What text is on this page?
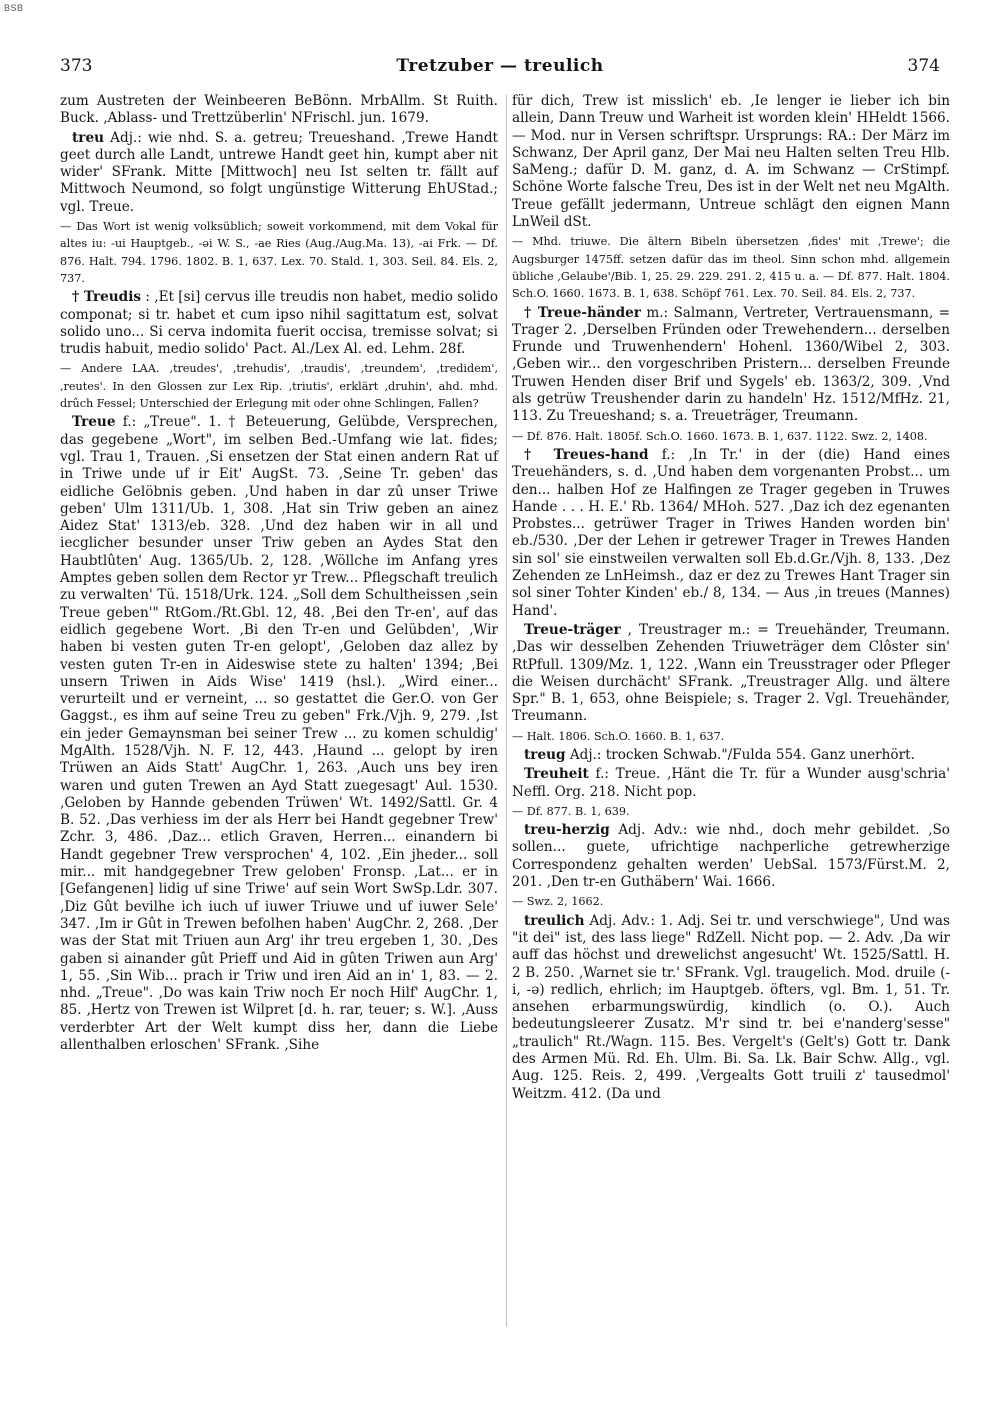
BSB
373	Tretzuber — treulich	374

zum Austreten der Weinbeeren BeBönn. MrbAllm. St Ruith. Buck. ‚Ablass- und Trettzüberlin' NFrischl. jun. 1679.

treu Adj.: wie nhd. S. a. getreu; Treueshand. ‚Trewe Handt geet durch alle Landt, untrewe Handt geet hin, kumpt aber nit wider' SFrank. Mitte [Mittwoch] neu Ist selten tr. fällt auf Mittwoch Neumond, so folgt ungünstige Witterung EhUStad.; vgl. Treue.

— Das Wort ist wenig volksüblich; soweit vorkommend, mit dem Vokal für altes iu: -ui Hauptgeb., -əi W. S., -ae Ries (Aug./Aug.Ma. 13), -ai Frk. — Df. 876. Halt. 794. 1796. 1802. B. 1, 637. Lex. 70. Stald. 1, 303. Seil. 84. Els. 2, 737.

† Treudis : ‚Et [si] cervus ille treudis non habet, medio solido componat; si tr. habet et cum ipso nihil sagittatum est, solvat solido uno... Si cerva indomita fuerit occisa, tremisse solvat; si trudis habuit, medio solido' Pact. Al./Lex Al. ed. Lehm. 28f.

— Andere LAA. ‚treudes', ‚trehudis', ‚traudis', ‚treundem', ‚tredidem', ‚reutes'. In den Glossen zur Lex Rip. ‚triutis', erklärt ‚druhin', ahd. mhd. drûch Fessel; Unterschied der Erlegung mit oder ohne Schlingen, Fallen?

Treue f.: „Treue". 1. † Beteuerung, Gelübde, Versprechen, das gegebene „Wort", im selben Bed.-Umfang wie lat. fides; vgl. Trau 1, Trauen. ‚Si ensetzen der Stat einen andern Rat uf in Triwe unde uf ir Eit' AugSt. 73. ‚Seine Tr. geben' das eidliche Gelöbnis geben. ‚Und haben in dar zû unser Triwe geben' Ulm 1311/Ub. 1, 308. ‚Hat sin Triw geben an ainez Aidez Stat' 1313/eb. 328. ‚Und dez haben wir in all und iecglicher besunder unser Triw geben an Aydes Stat den Haubtlûten' Aug. 1365/Ub. 2, 128. ‚Wöllche im Anfang yres Amptes geben sollen dem Rector yr Trew... Pflegschaft treulich zu verwalten' Tü. 1518/Urk. 124. „Soll dem Schultheissen ‚sein Treue geben'" RtGom./Rt.Gbl. 12, 48. ‚Bei den Tr-en', auf das eidlich gegebene Wort. ‚Bi den Tr-en und Gelübden', ‚Wir haben bi vesten guten Tr-en gelopt', ‚Geloben daz allez by vesten guten Tr-en in Aideswise stete zu halten' 1394; ‚Bei unsern Triwen in Aids Wise' 1419 (hsl.). „Wird einer... verurteilt und er verneint, ... so gestattet die Ger.O. von Ger Gaggst., es ihm auf seine Treu zu geben" Frk./Vjh. 9, 279. ‚Ist ein jeder Gemaynsman bei seiner Trew ... zu komen schuldig' MgAlth. 1528/Vjh. N. F. 12, 443. ‚Haund ... gelopt by iren Trüwen an Aids Statt' AugChr. 1, 263. ‚Auch uns bey iren waren und guten Trewen an Ayd Statt zuegesagt' Aul. 1530. ‚Geloben by Hannde gebenden Trüwen' Wt. 1492/Sattl. Gr. 4 B. 52. ‚Das verhiess im der als Herr bei Handt gegebner Trew' Zchr. 3, 486. ‚Daz... etlich Graven, Herren... einandern bi Handt gegebner Trew versprochen' 4, 102. ‚Ein jheder... soll mir... mit handgegebner Trew geloben' Fronsp. ‚Lat... er in [Gefangenen] lidig uf sine Triwe' auf sein Wort SwSp.Ldr. 307. ‚Diz Gût bevilhe ich iuch uf iuwer Triuwe und uf iuwer Sele' 347. ‚Im ir Gût in Trewen befolhen haben' AugChr. 2, 268. ‚Der was der Stat mit Triuen aun Arg' ihr treu ergeben 1, 30. ‚Des gaben si ainander gût Prieff und Aid in gûten Triwen aun Arg' 1, 55. ‚Sin Wib... prach ir Triw und iren Aid an in' 1, 83. — 2. nhd. „Treue". ‚Do was kain Triw noch Er noch Hilf' AugChr. 1, 85. ‚Hertz von Trewen ist Wilpret [d. h. rar, teuer; s. W.]. ‚Auss verderbter Art der Welt kumpt diss her, dann die Liebe allenthalben erloschen' SFrank. ‚Sihe

für dich, Trew ist misslich' eb. ‚Ie lenger ie lieber ich bin allein, Dann Treuw und Warheit ist worden klein' HHeldt 1566. — Mod. nur in Versen schriftspr. Ursprungs: RA.: Der März im Schwanz, Der April ganz, Der Mai neu Halten selten Treu Hlb. SaMeng.; dafür D. M. ganz, d. A. im Schwanz — CrStimpf. Schöne Worte falsche Treu, Des ist in der Welt net neu MgAlth. Treue gefällt jedermann, Untreue schlägt den eignen Mann LnWeil dSt.

— Mhd. triuwe. Die ältern Bibeln übersetzen ‚fides' mit ‚Trewe'; die Augsburger 1475ff. setzen dafür das im theol. Sinn schon mhd. allgemein übliche ‚Gelaube'/Bib. 1, 25. 29. 229. 291. 2, 415 u. a. — Df. 877. Halt. 1804. Sch.O. 1660. 1673. B. 1, 638. Schöpf 761. Lex. 70. Seil. 84. Els. 2, 737.

† Treue-händer m.: Salmann, Vertreter, Vertrauensmann, = Trager 2. ‚Derselben Fründen oder Trewehendern... derselben Frunde und Truwenhendern' Hohenl. 1360/Wibel 2, 303. ‚Geben wir... den vorgeschriben Pristern... derselben Freunde Truwen Henden diser Brif und Sygels' eb. 1363/2, 309. ‚Vnd als getrüw Treushender darin zu handeln' Hz. 1512/MfHz. 21, 113. Zu Treueshand; s. a. Treueträger, Treumann.

— Df. 876. Halt. 1805f. Sch.O. 1660. 1673. B. 1, 637. 1122. Swz. 2, 1408.

† Treues-hand f.: ‚In Tr.' in der (die) Hand eines Treuehänders, s. d. ‚Und haben dem vorgenanten Probst... um den... halben Hof ze Halfingen ze Trager gegeben in Truwes Hande . . . H. E.' Rb. 1364/ MHoh. 527. ‚Daz ich dez egenanten Probstes... getrüwer Trager in Triwes Handen worden bin' eb./530. ‚Der der Lehen ir getrewer Trager in Trewes Handen sin sol' sie einstweilen verwalten soll Eb.d.Gr./Vjh. 8, 133. ‚Dez Zehenden ze LnHeimsh., daz er dez zu Trewes Hant Trager sin sol siner Tohter Kinden' eb./ 8, 134. — Aus ‚in treues (Mannes) Hand'.

Treue-träger , Treustrager m.: = Treuehänder, Treumann. ‚Das wir desselben Zehenden Triuweträger dem Clôster sin' RtPfull. 1309/Mz. 1, 122. ‚Wann ein Treusstrager oder Pfleger die Weisen durchächt' SFrank. „Treustrager Allg. und ältere Spr." B. 1, 653, ohne Beispiele; s. Trager 2. Vgl. Treuehänder, Treumann.

— Halt. 1806. Sch.O. 1660. B. 1, 637.

treug Adj.: trocken Schwab."/Fulda 554. Ganz unerhört.

Treuheit f.: Treue. ‚Hänt die Tr. für a Wunder ausg'schria' Neffl. Org. 218. Nicht pop.

— Df. 877. B. 1, 639.

treu-herzig Adj. Adv.: wie nhd., doch mehr gebildet. ‚So sollen... guete, ufrichtige nachperliche getrewherzige Correspondenz gehalten werden' UebSal. 1573/Fürst.M. 2, 201. ‚Den tr-en Guthäbern' Wai. 1666.

— Swz. 2, 1662.

treulich Adj. Adv.: 1. Adj. Sei tr. und verschwiege", Und was "it dei" ist, des lass liege" RdZell. Nicht pop. — 2. Adv. ‚Da wir auff das höchst und drewelichst angesucht' Wt. 1525/Sattl. H. 2 B. 250. ‚Warnet sie tr.' SFrank. Vgl. traugelich. Mod. druile (-i, -ə) redlich, ehrlich; im Hauptgeb. öfters, vgl. Bm. 1, 51. Tr. ansehen erbarmungswürdig, kindlich (o. O.). Auch bedeutungsleerer Zusatz. M'r sind tr. bei e'nanderg'sesse" „traulich" Rt./Wagn. 115. Bes. Vergelt's (Gelt's) Gott tr. Dank des Armen Mü. Rd. Eh. Ulm. Bi. Sa. Lk. Bair Schw. Allg., vgl. Aug. 125. Reis. 2, 499. ‚Vergealts Gott truili z' tausedmol' Weitzm. 412. (Da und
